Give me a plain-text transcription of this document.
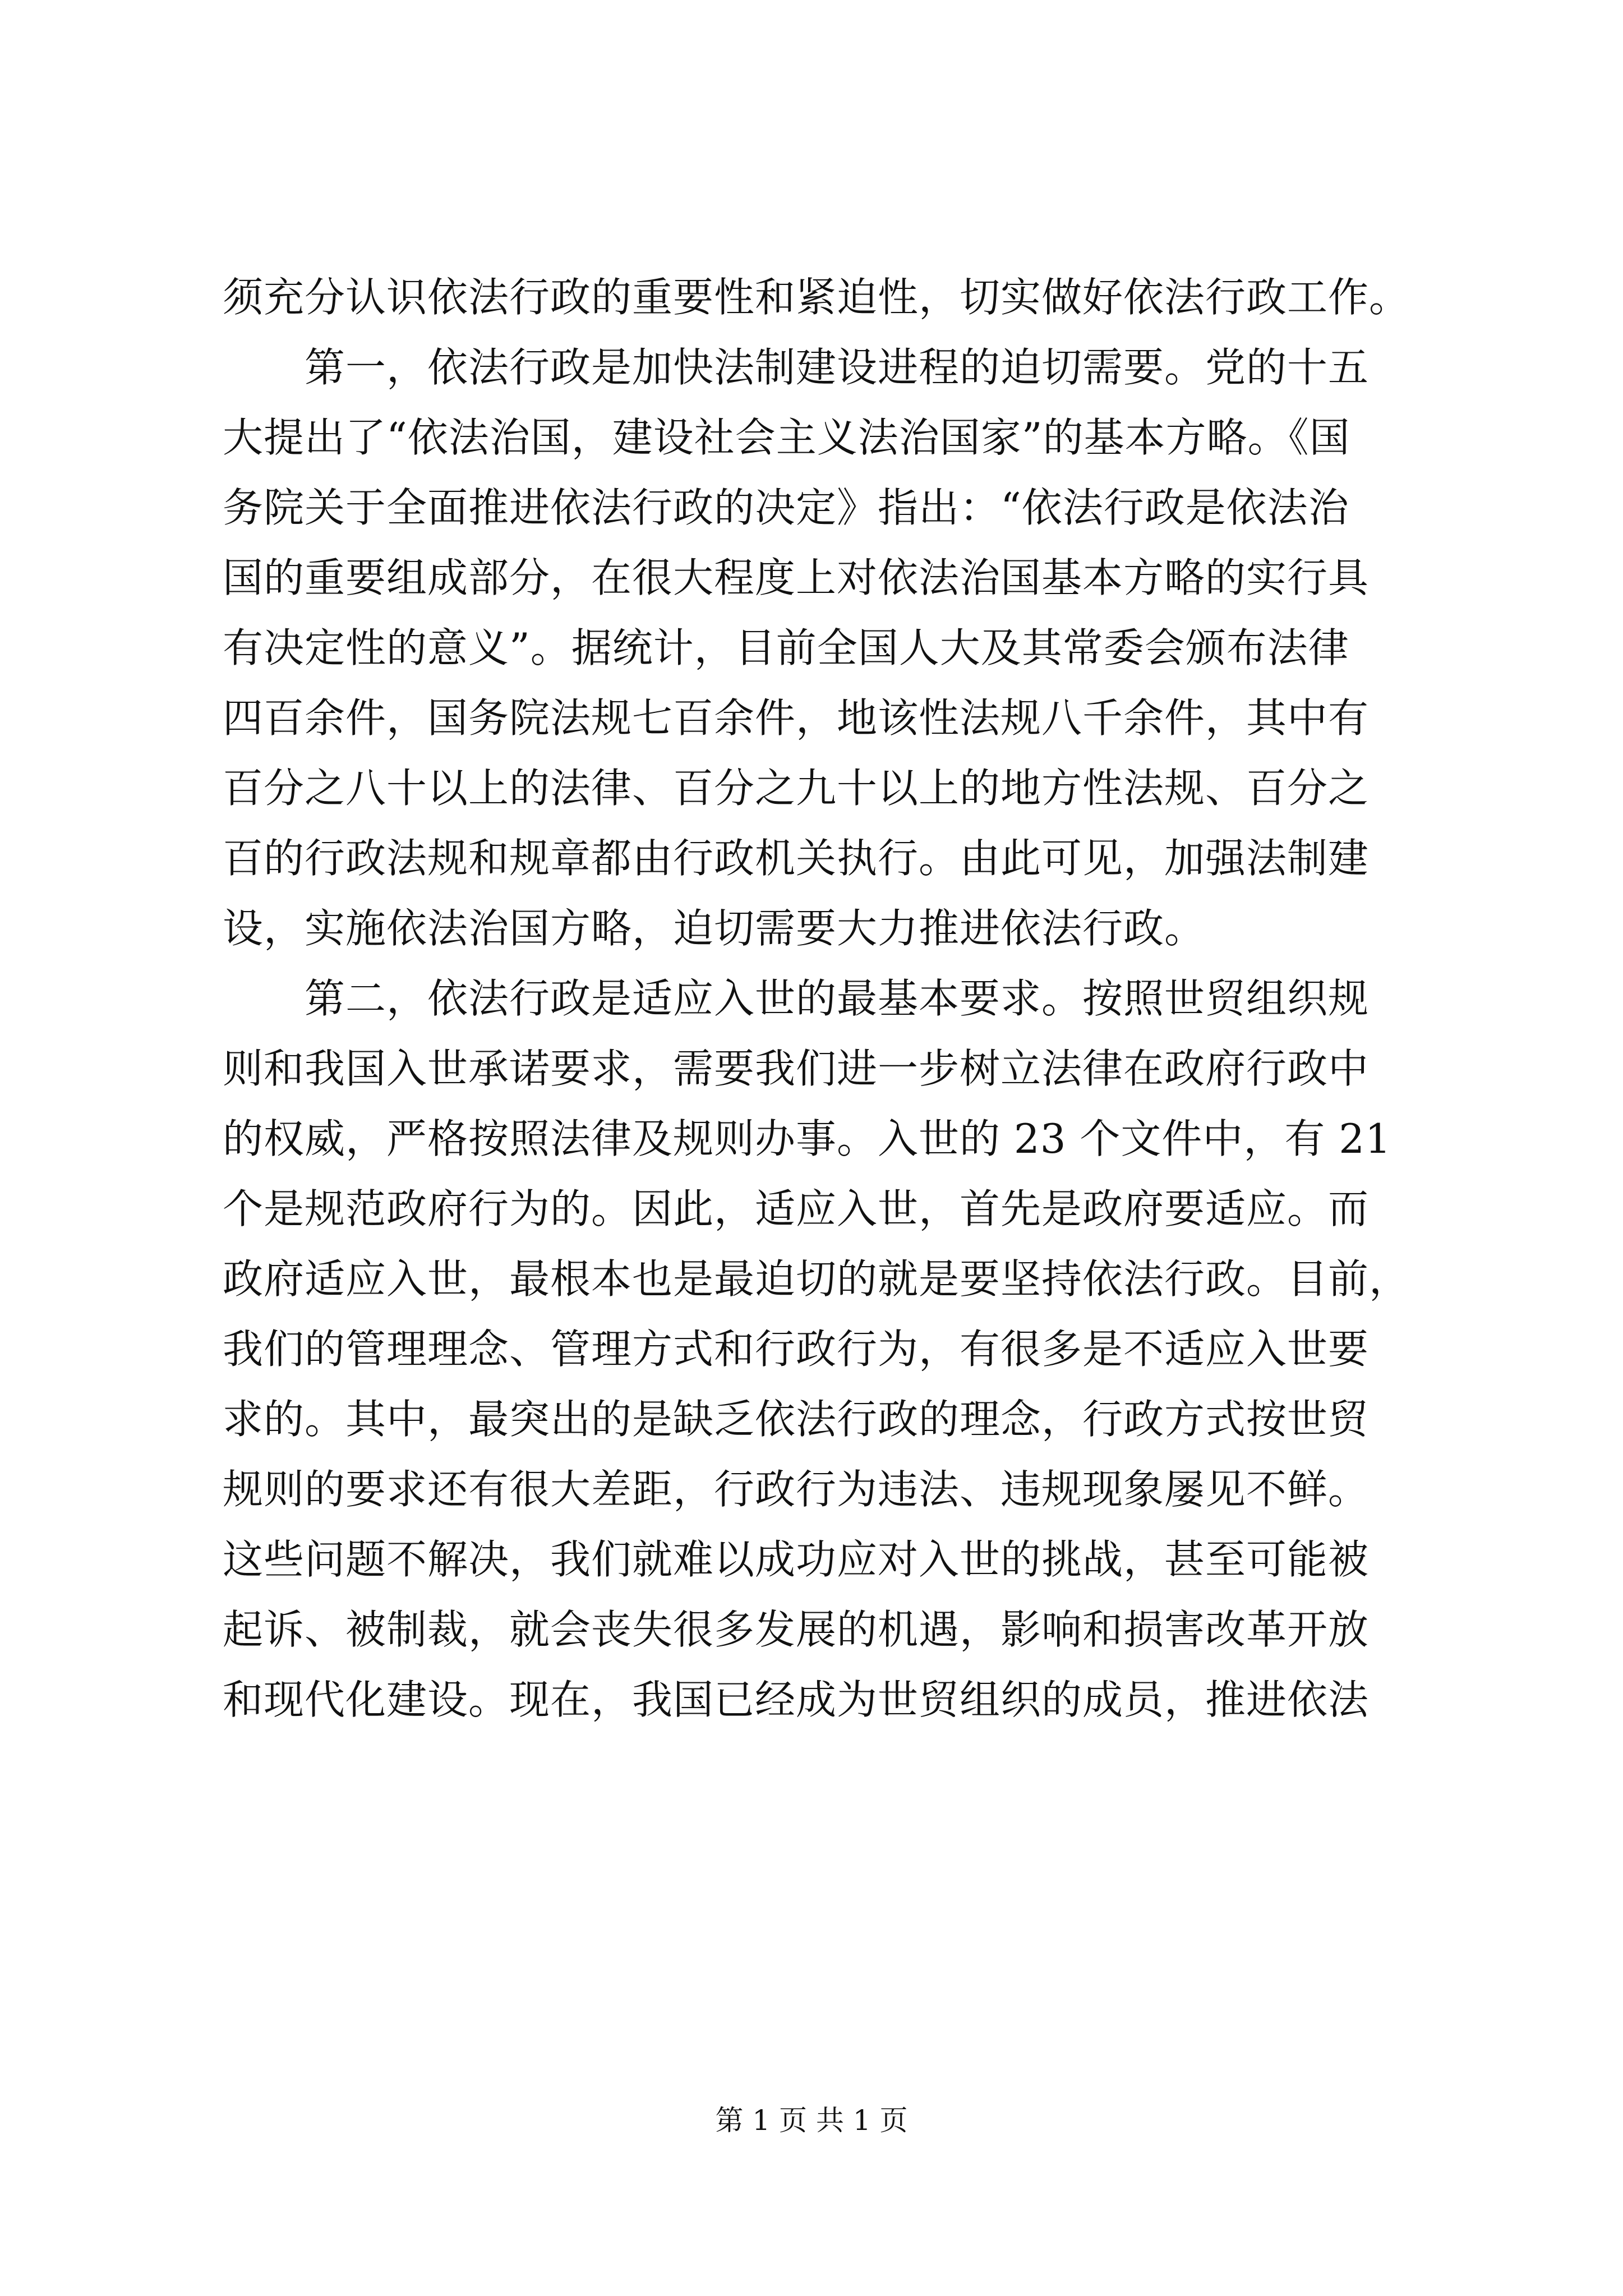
须充分认识依法行政的重要性和紧迫性，切实做好依法行政工作。
　　第一，依法行政是加快法制建设进程的迫切需要。党的十五
大提出了“依法治国，建设社会主义法治国家”的基本方略。《国
务院关于全面推进依法行政的决定》指出：“依法行政是依法治
国的重要组成部分，在很大程度上对依法治国基本方略的实行具
有决定性的意义”。据统计，目前全国人大及其常委会颁布法律
四百余件，国务院法规七百余件，地该性法规八千余件，其中有
百分之八十以上的法律、百分之九十以上的地方性法规、百分之
百的行政法规和规章都由行政机关执行。由此可见，加强法制建
设，实施依法治国方略，迫切需要大力推进依法行政。
　　第二，依法行政是适应入世的最基本要求。按照世贸组织规
则和我国入世承诺要求，需要我们进一步树立法律在政府行政中
的权威，严格按照法律及规则办事。入世的 23 个文件中，有 21
个是规范政府行为的。因此，适应入世，首先是政府要适应。而
政府适应入世，最根本也是最迫切的就是要坚持依法行政。目前，
我们的管理理念、管理方式和行政行为，有很多是不适应入世要
求的。其中，最突出的是缺乏依法行政的理念，行政方式按世贸
规则的要求还有很大差距，行政行为违法、违规现象屡见不鲜。
这些问题不解决，我们就难以成功应对入世的挑战，甚至可能被
起诉、被制裁，就会丧失很多发展的机遇，影响和损害改革开放
和现代化建设。现在，我国已经成为世贸组织的成员，推进依法
第 1 页 共 1 页
